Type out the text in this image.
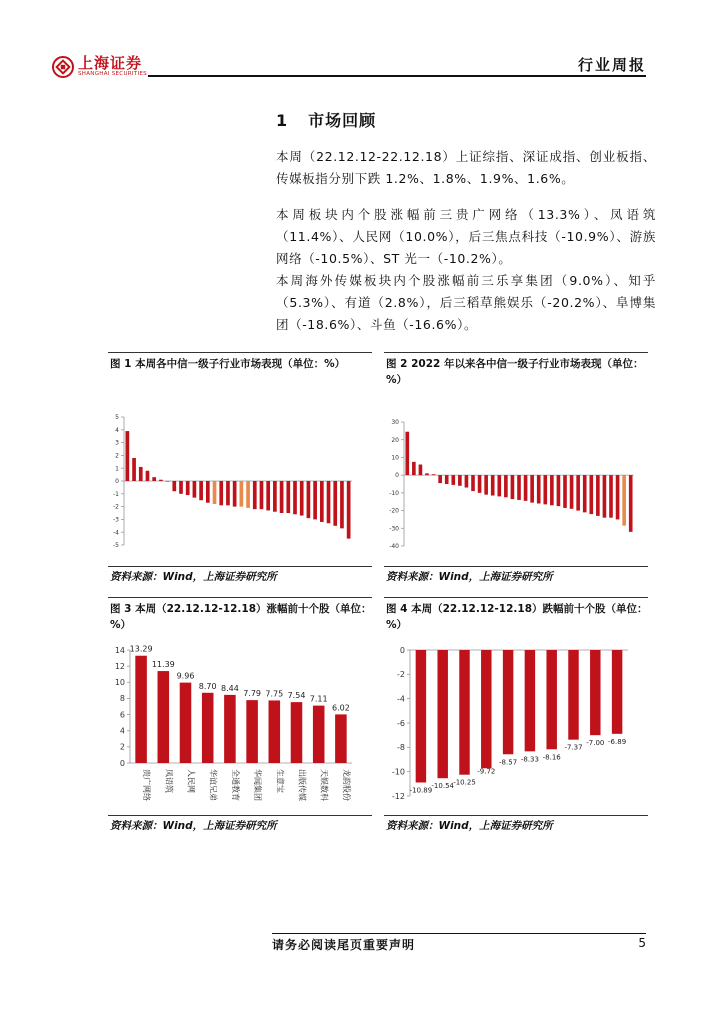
上海证券
SHANGHAI SECURITIES
行业周报
1 市场回顾
本周（22.12.12-22.12.18）上证综指、深证成指、创业板指、传媒板指分别下跌 1.2%、1.8%、1.9%、1.6%。
本周板块内个股涨幅前三贵广网络（13.3%）、凤语筑（11.4%）、人民网（10.0%），后三焦点科技（-10.9%）、游族网络（-10.5%）、ST 光一（-10.2%）。
本周海外传媒板块内个股涨幅前三乐享集团（9.0%）、知乎（5.3%）、有道（2.8%），后三稻草熊娱乐（-20.2%）、阜博集团（-18.6%）、斗鱼（-16.6%）。
图 1 本周各中信一级子行业市场表现（单位：%）
5
4
3
2
1
0
-1
-2
-3
-4
-5
资料来源：Wind，上海证券研究所
图 2 2022 年以来各中信一级子行业市场表现（单位：%）
30
20
10
0
-10
-20
-30
-40
资料来源：Wind，上海证券研究所
图 3 本周（22.12.12-12.18）涨幅前十个股（单位：%）
14
12
10
8
6
4
2
0
13.29
贵广网络
11.39
凤语筑
9.96
人民网
8.70
华谊兄弟
8.44
全通教育
7.79
华闻集团
7.75
生意宝
7.54
出版传媒
7.11
天娱数科
6.02
龙韵股份
资料来源：Wind，上海证券研究所
图 4 本周（22.12.12-12.18）跌幅前十个股（单位：%）
0
-2
-4
-6
-8
-10
-12
-10.89
-10.54 -10.25
-9.72
-8.57 -8.33 -8.16
-7.37
-7.00 -6.89
资料来源：Wind，上海证券研究所
请务必阅读尾页重要声明	5
